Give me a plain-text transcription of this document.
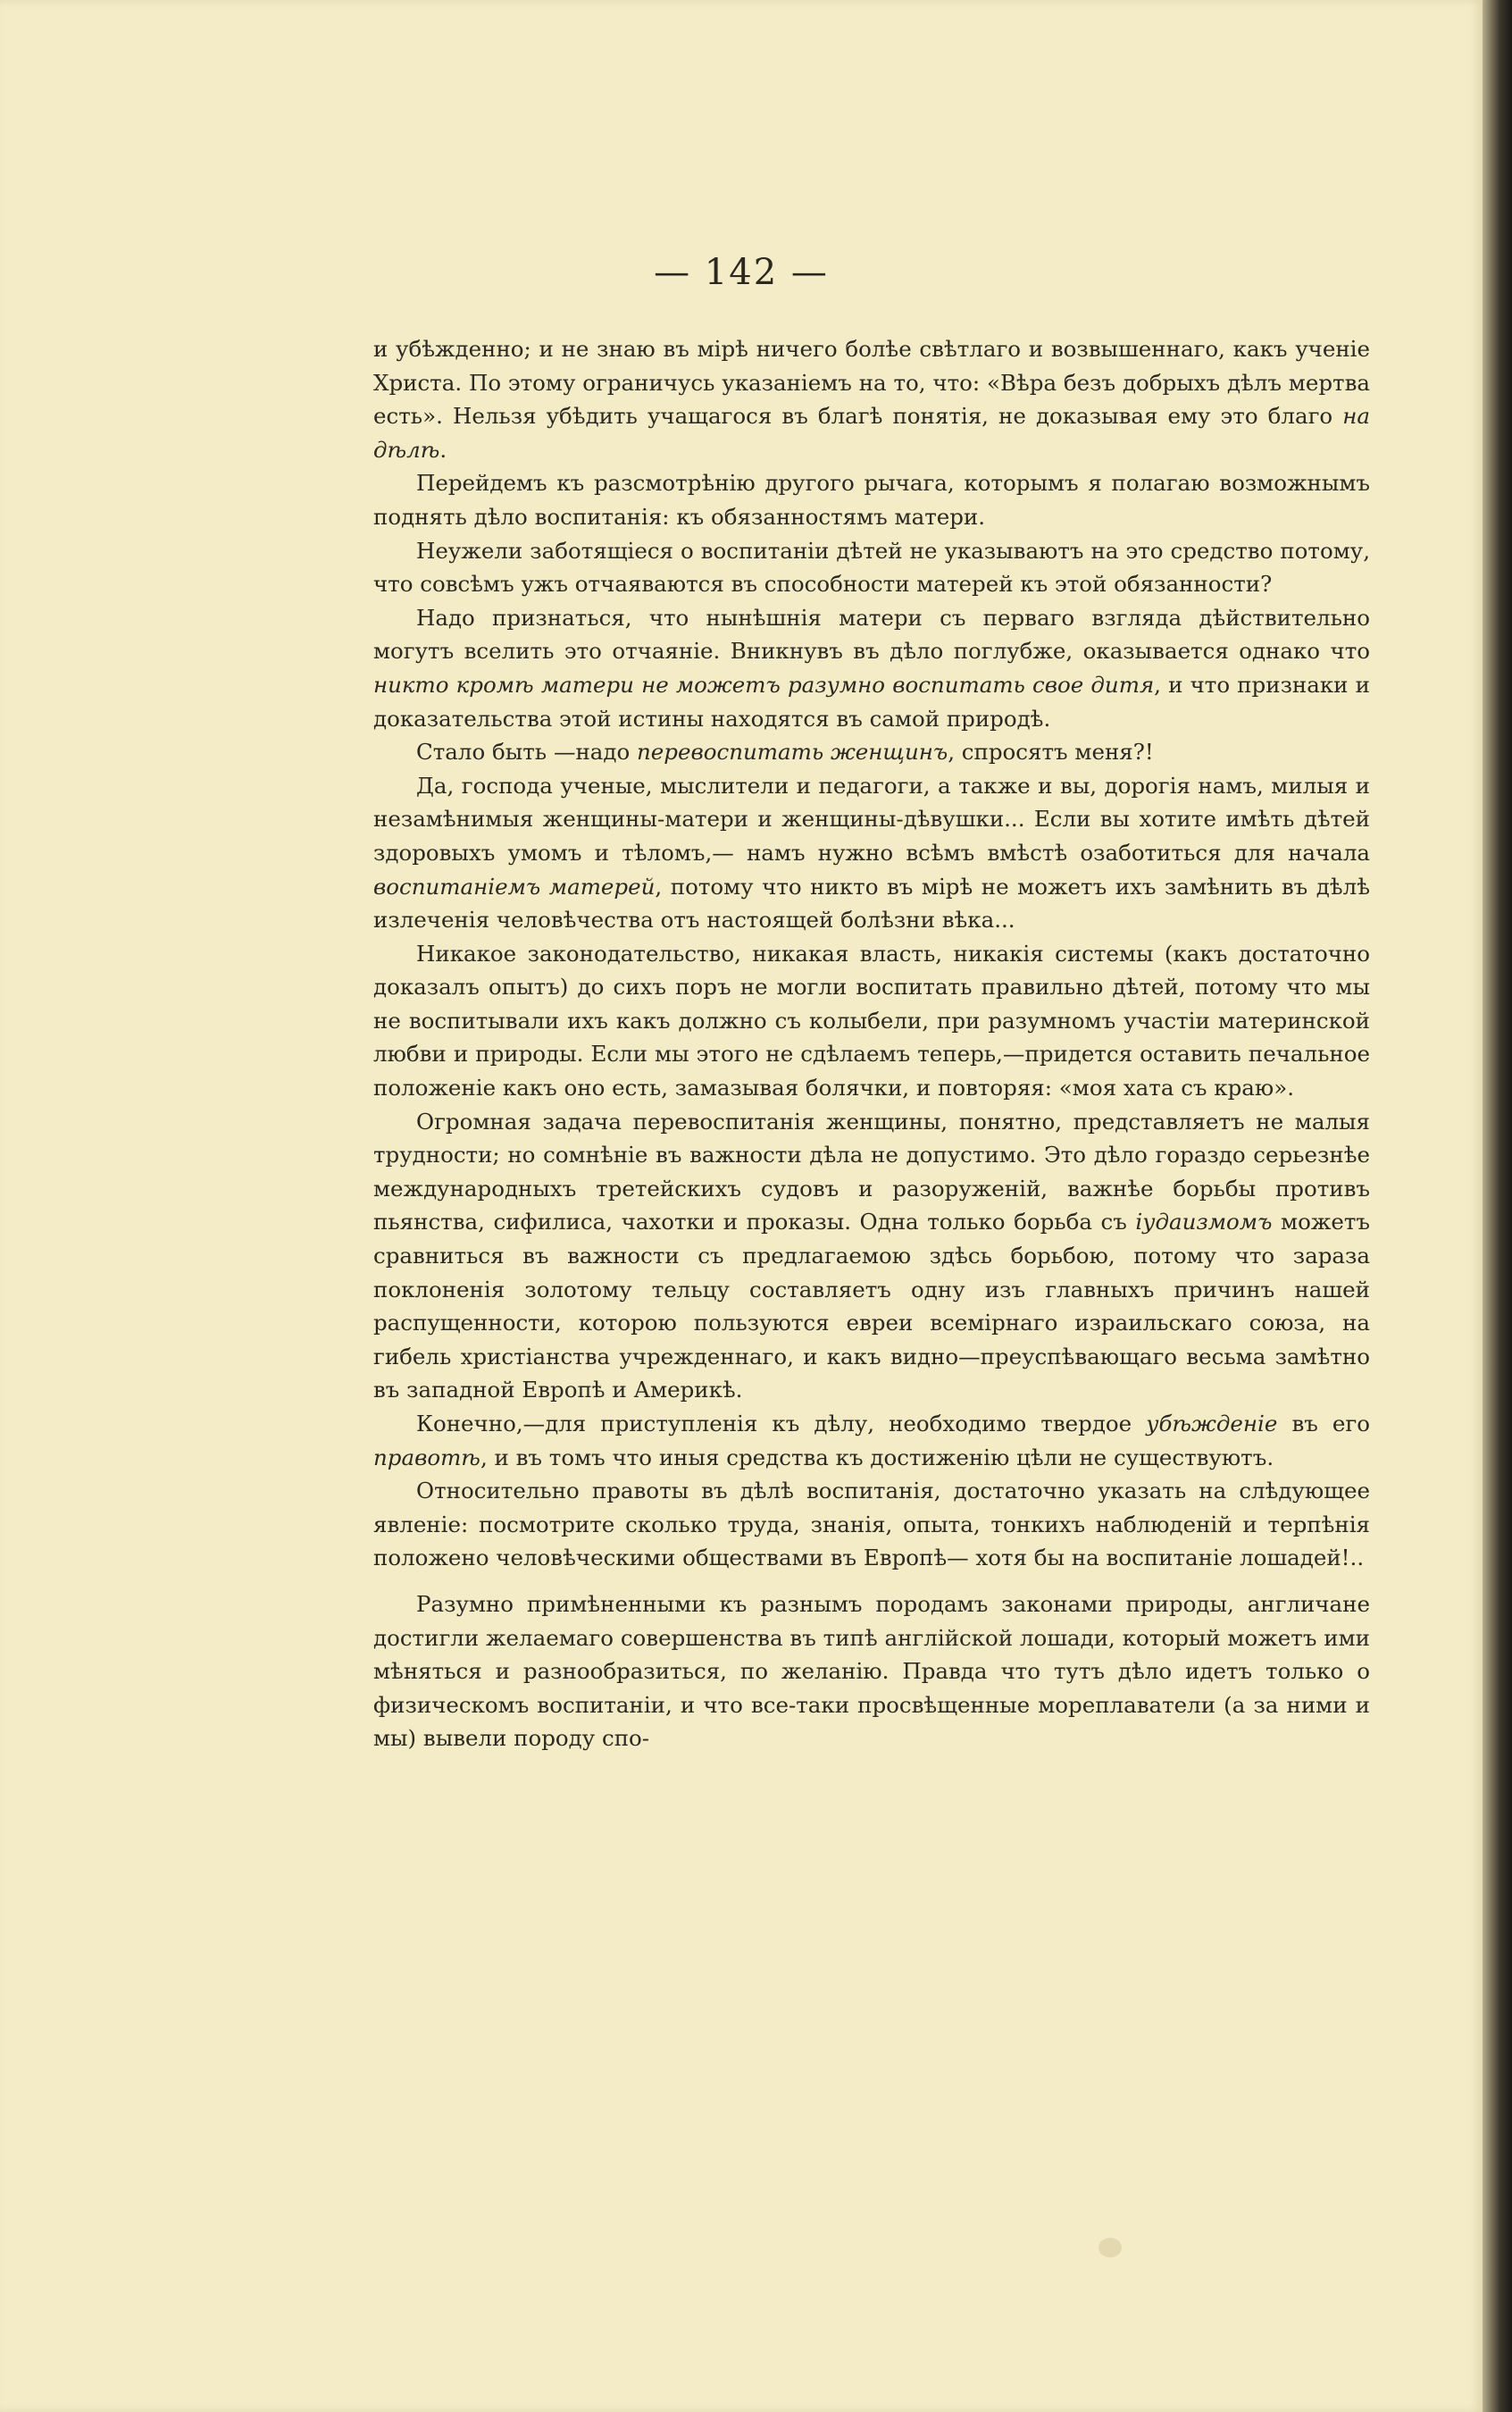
— 142 —

и убѣжденно; и не знаю въ мірѣ ничего болѣе свѣтлаго и возвышеннаго, какъ ученіе Христа. По этому ограничусь указаніемъ на то, что: «Вѣра безъ добрыхъ дѣлъ мертва есть». Нельзя убѣдить учащагося въ благѣ понятія, не доказывая ему это благо на дѣлѣ.

Перейдемъ къ разсмотрѣнію другого рычага, которымъ я полагаю возможнымъ поднять дѣло воспитанія: къ обязанностямъ матери.

Неужели заботящіеся о воспитаніи дѣтей не указываютъ на это средство потому, что совсѣмъ ужъ отчаяваются въ способности матерей къ этой обязанности?

Надо признаться, что нынѣшнія матери съ перваго взгляда дѣйствительно могутъ вселить это отчаяніе. Вникнувъ въ дѣло поглубже, оказывается однако что никто кромѣ матери не можетъ разумно воспитать свое дитя, и что признаки и доказательства этой истины находятся въ самой природѣ.

Стало быть —надо перевоспитать женщинъ, спросятъ меня?!

Да, господа ученые, мыслители и педагоги, а также и вы, дорогія намъ, милыя и незамѣнимыя женщины-матери и женщины-дѣвушки... Если вы хотите имѣть дѣтей здоровыхъ умомъ и тѣломъ,— намъ нужно всѣмъ вмѣстѣ озаботиться для начала воспитаніемъ матерей, потому что никто въ мірѣ не можетъ ихъ замѣнить въ дѣлѣ излеченія человѣчества отъ настоящей болѣзни вѣка...

Никакое законодательство, никакая власть, никакія системы (какъ достаточно доказалъ опытъ) до сихъ поръ не могли воспитать правильно дѣтей, потому что мы не воспитывали ихъ какъ должно съ колыбели, при разумномъ участіи материнской любви и природы. Если мы этого не сдѣлаемъ теперь,—придется оставить печальное положеніе какъ оно есть, замазывая болячки, и повторяя: «моя хата съ краю».

Огромная задача перевоспитанія женщины, понятно, представляетъ не малыя трудности; но сомнѣніе въ важности дѣла не допустимо. Это дѣло гораздо серьезнѣе международныхъ третейскихъ судовъ и разоруженій, важнѣе борьбы противъ пьянства, сифилиса, чахотки и проказы. Одна только борьба съ іудаизмомъ можетъ сравниться въ важности съ предлагаемою здѣсь борьбою, потому что зараза поклоненія золотому тельцу составляетъ одну изъ главныхъ причинъ нашей распущенности, которою пользуются евреи всемірнаго израильскаго союза, на гибель христіанства учрежденнаго, и какъ видно—преуспѣвающаго весьма замѣтно въ западной Европѣ и Америкѣ.

Конечно,—для приступленія къ дѣлу, необходимо твердое убѣжденіе въ его правотѣ, и въ томъ что иныя средства къ достиженію цѣли не существуютъ.

Относительно правоты въ дѣлѣ воспитанія, достаточно указать на слѣдующее явленіе: посмотрите сколько труда, знанія, опыта, тонкихъ наблюденій и терпѣнія положено человѣческими обществами въ Европѣ— хотя бы на воспитаніе лошадей!..

Разумно примѣненными къ разнымъ породамъ законами природы, англичане достигли желаемаго совершенства въ типѣ англійской лошади, который можетъ ими мѣняться и разнообразиться, по желанію. Правда что тутъ дѣло идетъ только о физическомъ воспитаніи, и что все-таки просвѣщенные мореплаватели (а за ними и мы) вывели породу спо-
